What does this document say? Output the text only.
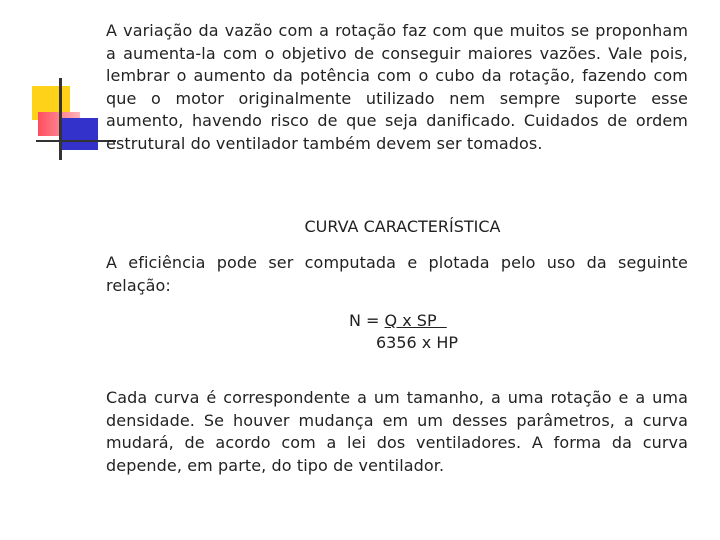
A variação da vazão com a rotação faz com que muitos se proponham a aumenta-la com o objetivo de conseguir maiores vazões. Vale pois, lembrar o aumento da potência com o cubo da rotação, fazendo com que o motor originalmente utilizado nem sempre suporte esse aumento, havendo risco de que seja danificado. Cuidados de ordem estrutural do ventilador também devem ser tomados.

CURVA CARACTERÍSTICA

A eficiência pode ser computada e plotada pelo uso da seguinte relação:

N = Q x SP
6356 x HP

Cada curva é correspondente a um tamanho, a uma rotação e a uma densidade. Se houver mudança em um desses parâmetros, a curva mudará, de acordo com a lei dos ventiladores. A forma da curva depende, em parte, do tipo de ventilador.
